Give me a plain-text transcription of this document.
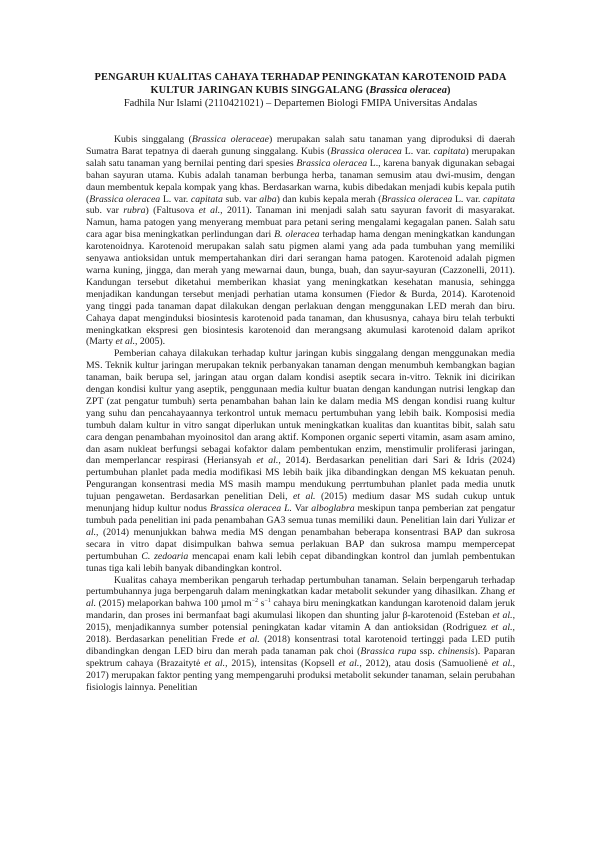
PENGARUH KUALITAS CAHAYA TERHADAP PENINGKATAN KAROTENOID PADA
KULTUR JARINGAN KUBIS SINGGALANG (Brassica oleracea)

Fadhila Nur Islami (2110421021) – Departemen Biologi FMIPA Universitas Andalas

Kubis singgalang (Brassica oleraceae) merupakan salah satu tanaman yang diproduksi di daerah Sumatra Barat tepatnya di daerah gunung singgalang. Kubis (Brassica oleracea L. var. capitata) merupakan salah satu tanaman yang bernilai penting dari spesies Brassica oleracea L., karena banyak digunakan sebagai bahan sayuran utama. Kubis adalah tanaman berbunga herba, tanaman semusim atau dwi-musim, dengan daun membentuk kepala kompak yang khas. Berdasarkan warna, kubis dibedakan menjadi kubis kepala putih (Brassica oleracea L. var. capitata sub. var alba) dan kubis kepala merah (Brassica oleracea L. var. capitata sub. var rubra) (Faltusova et al., 2011). Tanaman ini menjadi salah satu sayuran favorit di masyarakat. Namun, hama patogen yang menyerang membuat para petani sering mengalami kegagalan panen. Salah satu cara agar bisa meningkatkan perlindungan dari B. oleracea terhadap hama dengan meningkatkan kandungan karotenoidnya. Karotenoid merupakan salah satu pigmen alami yang ada pada tumbuhan yang memiliki senyawa antioksidan untuk mempertahankan diri dari serangan hama patogen. Karotenoid adalah pigmen warna kuning, jingga, dan merah yang mewarnai daun, bunga, buah, dan sayur-sayuran (Cazzonelli, 2011). Kandungan tersebut diketahui memberikan khasiat yang meningkatkan kesehatan manusia, sehingga menjadikan kandungan tersebut menjadi perhatian utama konsumen (Fiedor & Burda, 2014). Karotenoid yang tinggi pada tanaman dapat dilakukan dengan perlakuan dengan menggunakan LED merah dan biru. Cahaya dapat menginduksi biosintesis karotenoid pada tanaman, dan khususnya, cahaya biru telah terbukti meningkatkan ekspresi gen biosintesis karotenoid dan merangsang akumulasi karotenoid dalam aprikot (Marty et al., 2005).

Pemberian cahaya dilakukan terhadap kultur jaringan kubis singgalang dengan menggunakan media MS. Teknik kultur jaringan merupakan teknik perbanyakan tanaman dengan menumbuh kembangkan bagian tanaman, baik berupa sel, jaringan atau organ dalam kondisi aseptik secara in-vitro. Teknik ini dicirikan dengan kondisi kultur yang aseptik, penggunaan media kultur buatan dengan kandungan nutrisi lengkap dan ZPT (zat pengatur tumbuh) serta penambahan bahan lain ke dalam media MS dengan kondisi ruang kultur yang suhu dan pencahayaannya terkontrol untuk memacu pertumbuhan yang lebih baik. Komposisi media tumbuh dalam kultur in vitro sangat diperlukan untuk meningkatkan kualitas dan kuantitas bibit, salah satu cara dengan penambahan myoinositol dan arang aktif. Komponen organic seperti vitamin, asam asam amino, dan asam nukleat berfungsi sebagai kofaktor dalam pembentukan enzim, menstimulir proliferasi jaringan, dan memperlancar respirasi (Heriansyah et al., 2014). Berdasarkan penelitian dari Sari & Idris (2024) pertumbuhan planlet pada media modifikasi MS lebih baik jika dibandingkan dengan MS kekuatan penuh. Pengurangan konsentrasi media MS masih mampu mendukung perrtumbuhan planlet pada media unutk tujuan pengawetan. Berdasarkan penelitian Deli, et al. (2015) medium dasar MS sudah cukup untuk menunjang hidup kultur nodus Brassica oleracea L. Var alboglabra meskipun tanpa pemberian zat pengatur tumbuh pada penelitian ini pada penambahan GA3 semua tunas memiliki daun. Penelitian lain dari Yulizar et al., (2014) menunjukkan bahwa media MS dengan penambahan beberapa konsentrasi BAP dan sukrosa secara in vitro dapat disimpulkan bahwa semua perlakuan BAP dan sukrosa mampu mempercepat pertumbuhan C. zedoaria mencapai enam kali lebih cepat dibandingkan kontrol dan jumlah pembentukan tunas tiga kali lebih banyak dibandingkan kontrol.

Kualitas cahaya memberikan pengaruh terhadap pertumbuhan tanaman. Selain berpengaruh terhadap pertumbuhannya juga berpengaruh dalam meningkatkan kadar metabolit sekunder yang dihasilkan. Zhang et al. (2015) melaporkan bahwa 100 µmol $m^{-2}$ $s^{-1}$ cahaya biru meningkatkan kandungan karotenoid dalam jeruk mandarin, dan proses ini bermanfaat bagi akumulasi likopen dan shunting jalur β-karotenoid (Esteban et al., 2015), menjadikannya sumber potensial peningkatan kadar vitamin A dan antioksidan (Rodriguez et al., 2018). Berdasarkan penelitian Frede et al. (2018) konsentrasi total karotenoid tertinggi pada LED putih dibandingkan dengan LED biru dan merah pada tanaman pak choi (Brassica rupa ssp. chinensis). Paparan spektrum cahaya (Brazaitytė et al., 2015), intensitas (Kopsell et al., 2012), atau dosis (Samuolienė et al., 2017) merupakan faktor penting yang mempengaruhi produksi metabolit sekunder tanaman, selain perubahan fisiologis lainnya. Penelitian
